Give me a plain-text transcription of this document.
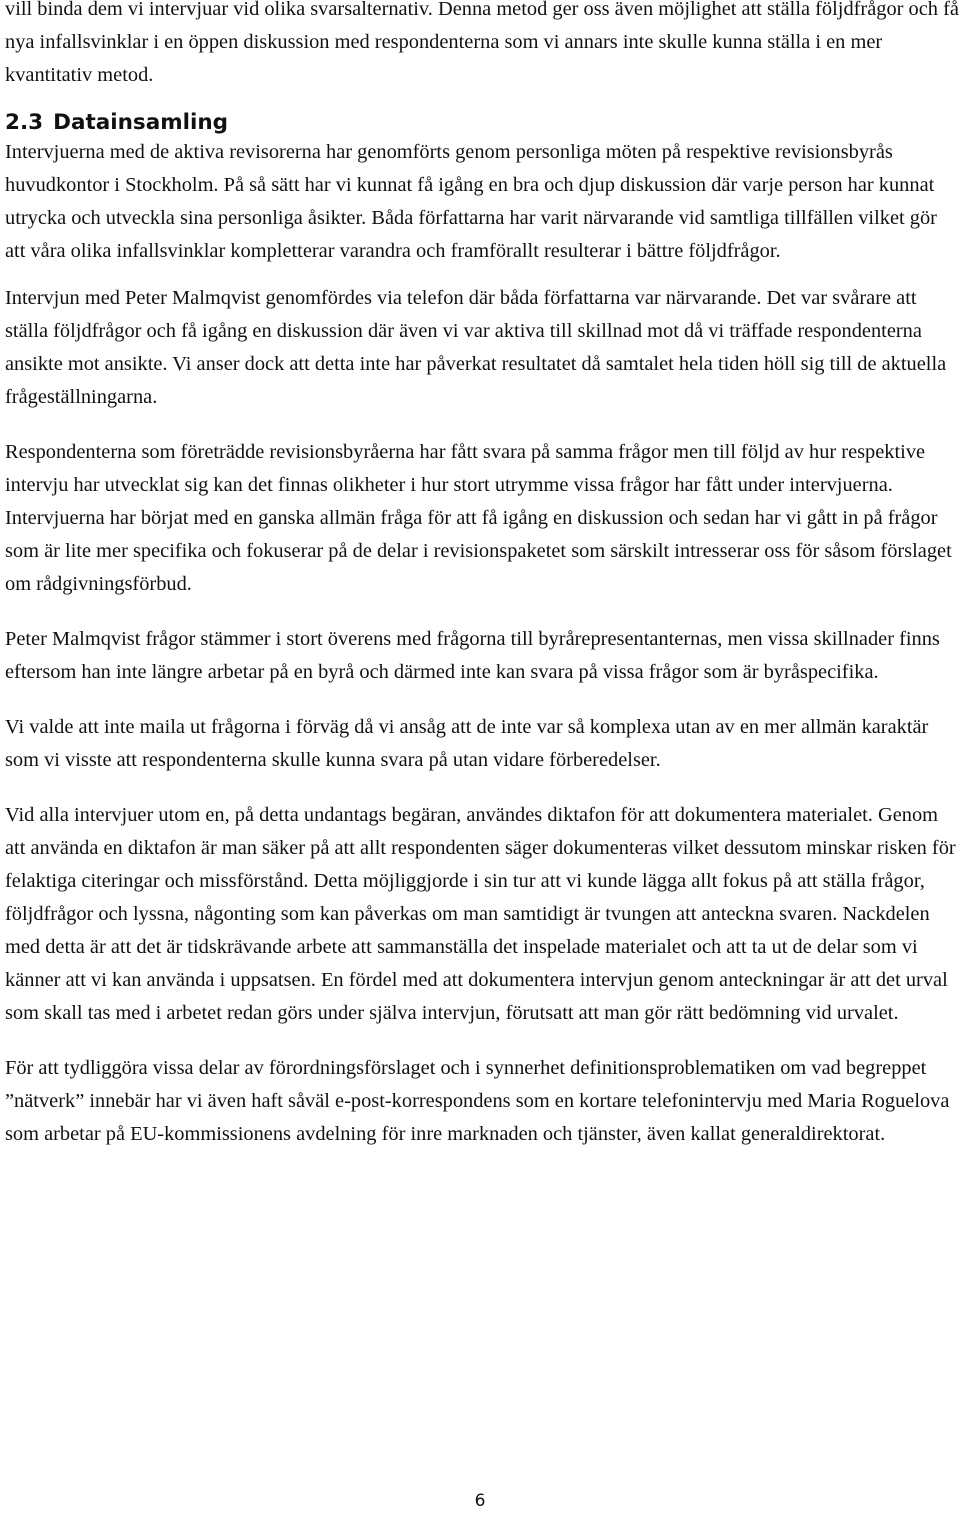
vill binda dem vi intervjuar vid olika svarsalternativ. Denna metod ger oss även möjlighet att ställa följdfrågor och få nya infallsvinklar i en öppen diskussion med respondenterna som vi annars inte skulle kunna ställa i en mer kvantitativ metod.

2.3 Datainsamling

Intervjuerna med de aktiva revisorerna har genomförts genom personliga möten på respektive revisionsbyrås huvudkontor i Stockholm. På så sätt har vi kunnat få igång en bra och djup diskussion där varje person har kunnat utrycka och utveckla sina personliga åsikter. Båda författarna har varit närvarande vid samtliga tillfällen vilket gör att våra olika infallsvinklar kompletterar varandra och framförallt resulterar i bättre följdfrågor.

Intervjun med Peter Malmqvist genomfördes via telefon där båda författarna var närvarande. Det var svårare att ställa följdfrågor och få igång en diskussion där även vi var aktiva till skillnad mot då vi träffade respondenterna ansikte mot ansikte. Vi anser dock att detta inte har påverkat resultatet då samtalet hela tiden höll sig till de aktuella frågeställningarna.

Respondenterna som företrädde revisionsbyråerna har fått svara på samma frågor men till följd av hur respektive intervju har utvecklat sig kan det finnas olikheter i hur stort utrymme vissa frågor har fått under intervjuerna. Intervjuerna har börjat med en ganska allmän fråga för att få igång en diskussion och sedan har vi gått in på frågor som är lite mer specifika och fokuserar på de delar i revisionspaketet som särskilt intresserar oss för såsom förslaget om rådgivningsförbud.

Peter Malmqvist frågor stämmer i stort överens med frågorna till byrårepresentanternas, men vissa skillnader finns eftersom han inte längre arbetar på en byrå och därmed inte kan svara på vissa frågor som är byråspecifika.

Vi valde att inte maila ut frågorna i förväg då vi ansåg att de inte var så komplexa utan av en mer allmän karaktär som vi visste att respondenterna skulle kunna svara på utan vidare förberedelser.

Vid alla intervjuer utom en, på detta undantags begäran, användes diktafon för att dokumentera materialet. Genom att använda en diktafon är man säker på att allt respondenten säger dokumenteras vilket dessutom minskar risken för felaktiga citeringar och missförstånd. Detta möjliggjorde i sin tur att vi kunde lägga allt fokus på att ställa frågor, följdfrågor och lyssna, någonting som kan påverkas om man samtidigt är tvungen att anteckna svaren. Nackdelen med detta är att det är tidskrävande arbete att sammanställa det inspelade materialet och att ta ut de delar som vi känner att vi kan använda i uppsatsen. En fördel med att dokumentera intervjun genom anteckningar är att det urval som skall tas med i arbetet redan görs under själva intervjun, förutsatt att man gör rätt bedömning vid urvalet.

För att tydliggöra vissa delar av förordningsförslaget och i synnerhet definitionsproblematiken om vad begreppet ”nätverk” innebär har vi även haft såväl e-post-korrespondens som en kortare telefonintervju med Maria Roguelova som arbetar på EU-kommissionens avdelning för inre marknaden och tjänster, även kallat generaldirektorat.

6
